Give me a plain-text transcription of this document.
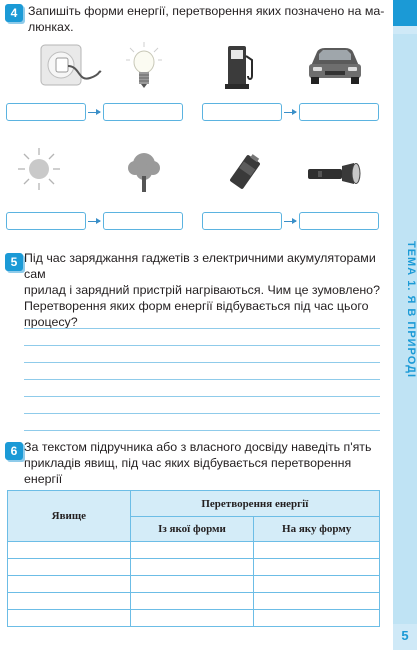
ТЕМА 1. Я В ПРИРОДІ
5
4 Запишіть форми енергії, перетворення яких позначено на ма-
люнках.
5 Під час заряджання гаджетів з електричними акумуляторами сам
прилад і зарядний пристрій нагріваються. Чим це зумовлено?
Перетворення яких форм енергії відбувається під час цього
процесу?
6 За текстом підручника або з власного досвіду наведіть п'ять
прикладів явищ, під час яких відбувається перетворення енергії
Явище	Перетворення енергії	
	Із якої форми	На яку форму
